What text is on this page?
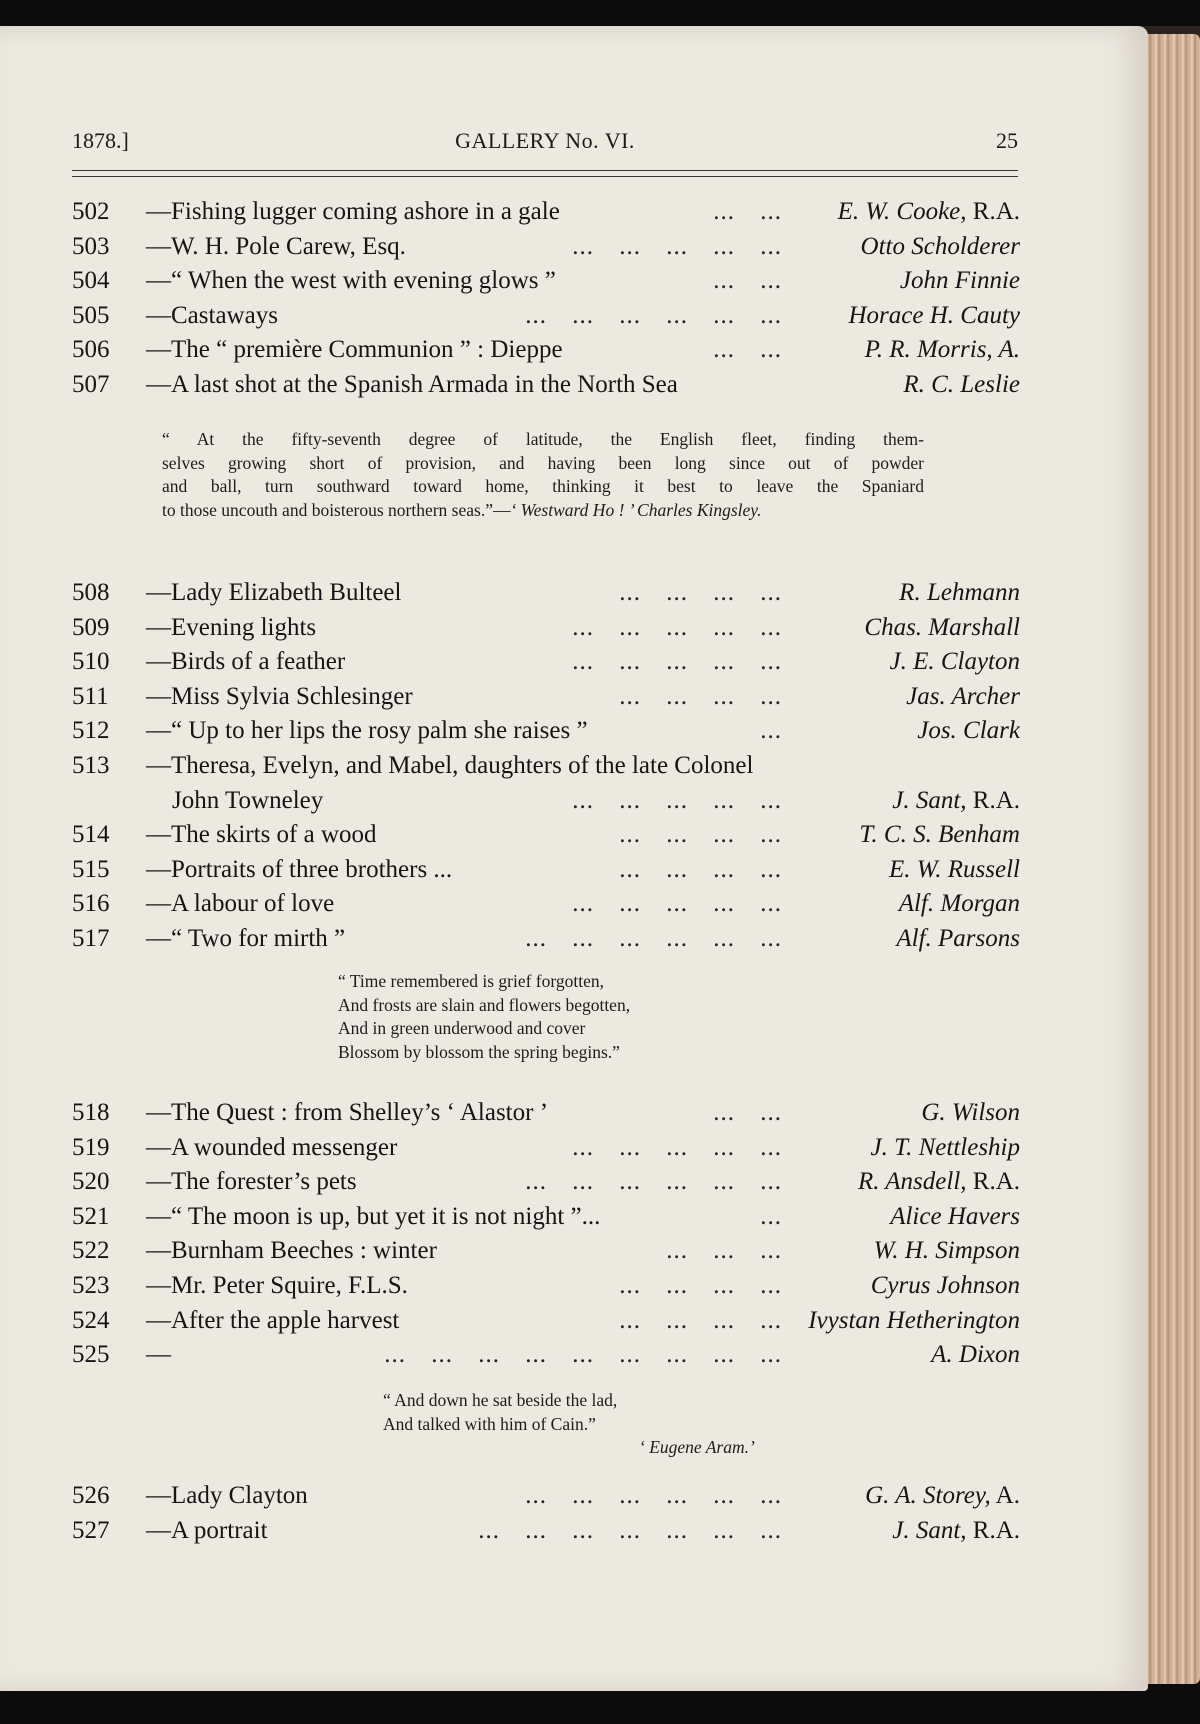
GALLERY No. VI.
1878.]	25
502 —Fishing lugger coming ashore in a gale	... ... E. W. Cooke, R.A.
503 —W. H. Pole Carew, Esq.	... ... ... ... ...	Otto Scholderer
504 —“ When the west with evening glows ”	... ...	John Finnie
505 —Castaways	... ... ... ... ... ...	Horace H. Cauty
506 —The “ première Communion ” : Dieppe	... ...	P. R. Morris, A.
507 —A last shot at the Spanish Armada in the North Sea	R. C. Leslie

“ At the fifty-seventh degree of latitude, the English fleet, finding them-

selves growing short of provision, and having been long since out of powder

and ball, turn southward toward home, thinking it best to leave the Spaniard

to those uncouth and boisterous northern seas.”—‘ Westward Ho ! ’ Charles Kingsley.

508 —Lady Elizabeth Bulteel	... ... ... ...	R. Lehmann
509 —Evening lights	... ... ... ... ...	Chas. Marshall
510 —Birds of a feather	... ... ... ... ...	J. E. Clayton
511 —Miss Sylvia Schlesinger	... ... ... ...	Jas. Archer
512 —“ Up to her lips the rosy palm she raises ”	...	Jos. Clark
513 —Theresa, Evelyn, and Mabel, daughters of the late Colonel
John Towneley	... ... ... ... ...	J. Sant, R.A.
514 —The skirts of a wood	... ... ... ...	T. C. S. Benham
515 —Portraits of three brothers ...	... ... ... ...	E. W. Russell
516 —A labour of love	... ... ... ... ...	Alf. Morgan
517 —“ Two for mirth ”	... ... ... ... ... ...	Alf. Parsons
“ Time remembered is grief forgotten,
And frosts are slain and flowers begotten,
And in green underwood and cover
Blossom by blossom the spring begins.”
518 —The Quest : from Shelley’s ‘ Alastor ’	... ...	G. Wilson
519 —A wounded messenger	... ... ... ... ...	J. T. Nettleship
520 —The forester’s pets	... ... ... ... ... ...	R. Ansdell, R.A.
521 —“ The moon is up, but yet it is not night ”...	...	Alice Havers
522 —Burnham Beeches : winter	... ... ...	W. H. Simpson
523 —Mr. Peter Squire, F.L.S.	... ... ... ...	Cyrus Johnson
524 —After the apple harvest	... ... ... ... Ivystan Hetherington
525 —	... ... ... ... ... ... ... ... ...	A. Dixon
“ And down he sat beside the lad,
And talked with him of Cain.”
‘ Eugene Aram.’
526 —Lady Clayton	... ... ... ... ... ...	G. A. Storey, A.
527 —A portrait	... ... ... ... ... ... ...	J. Sant, R.A.
